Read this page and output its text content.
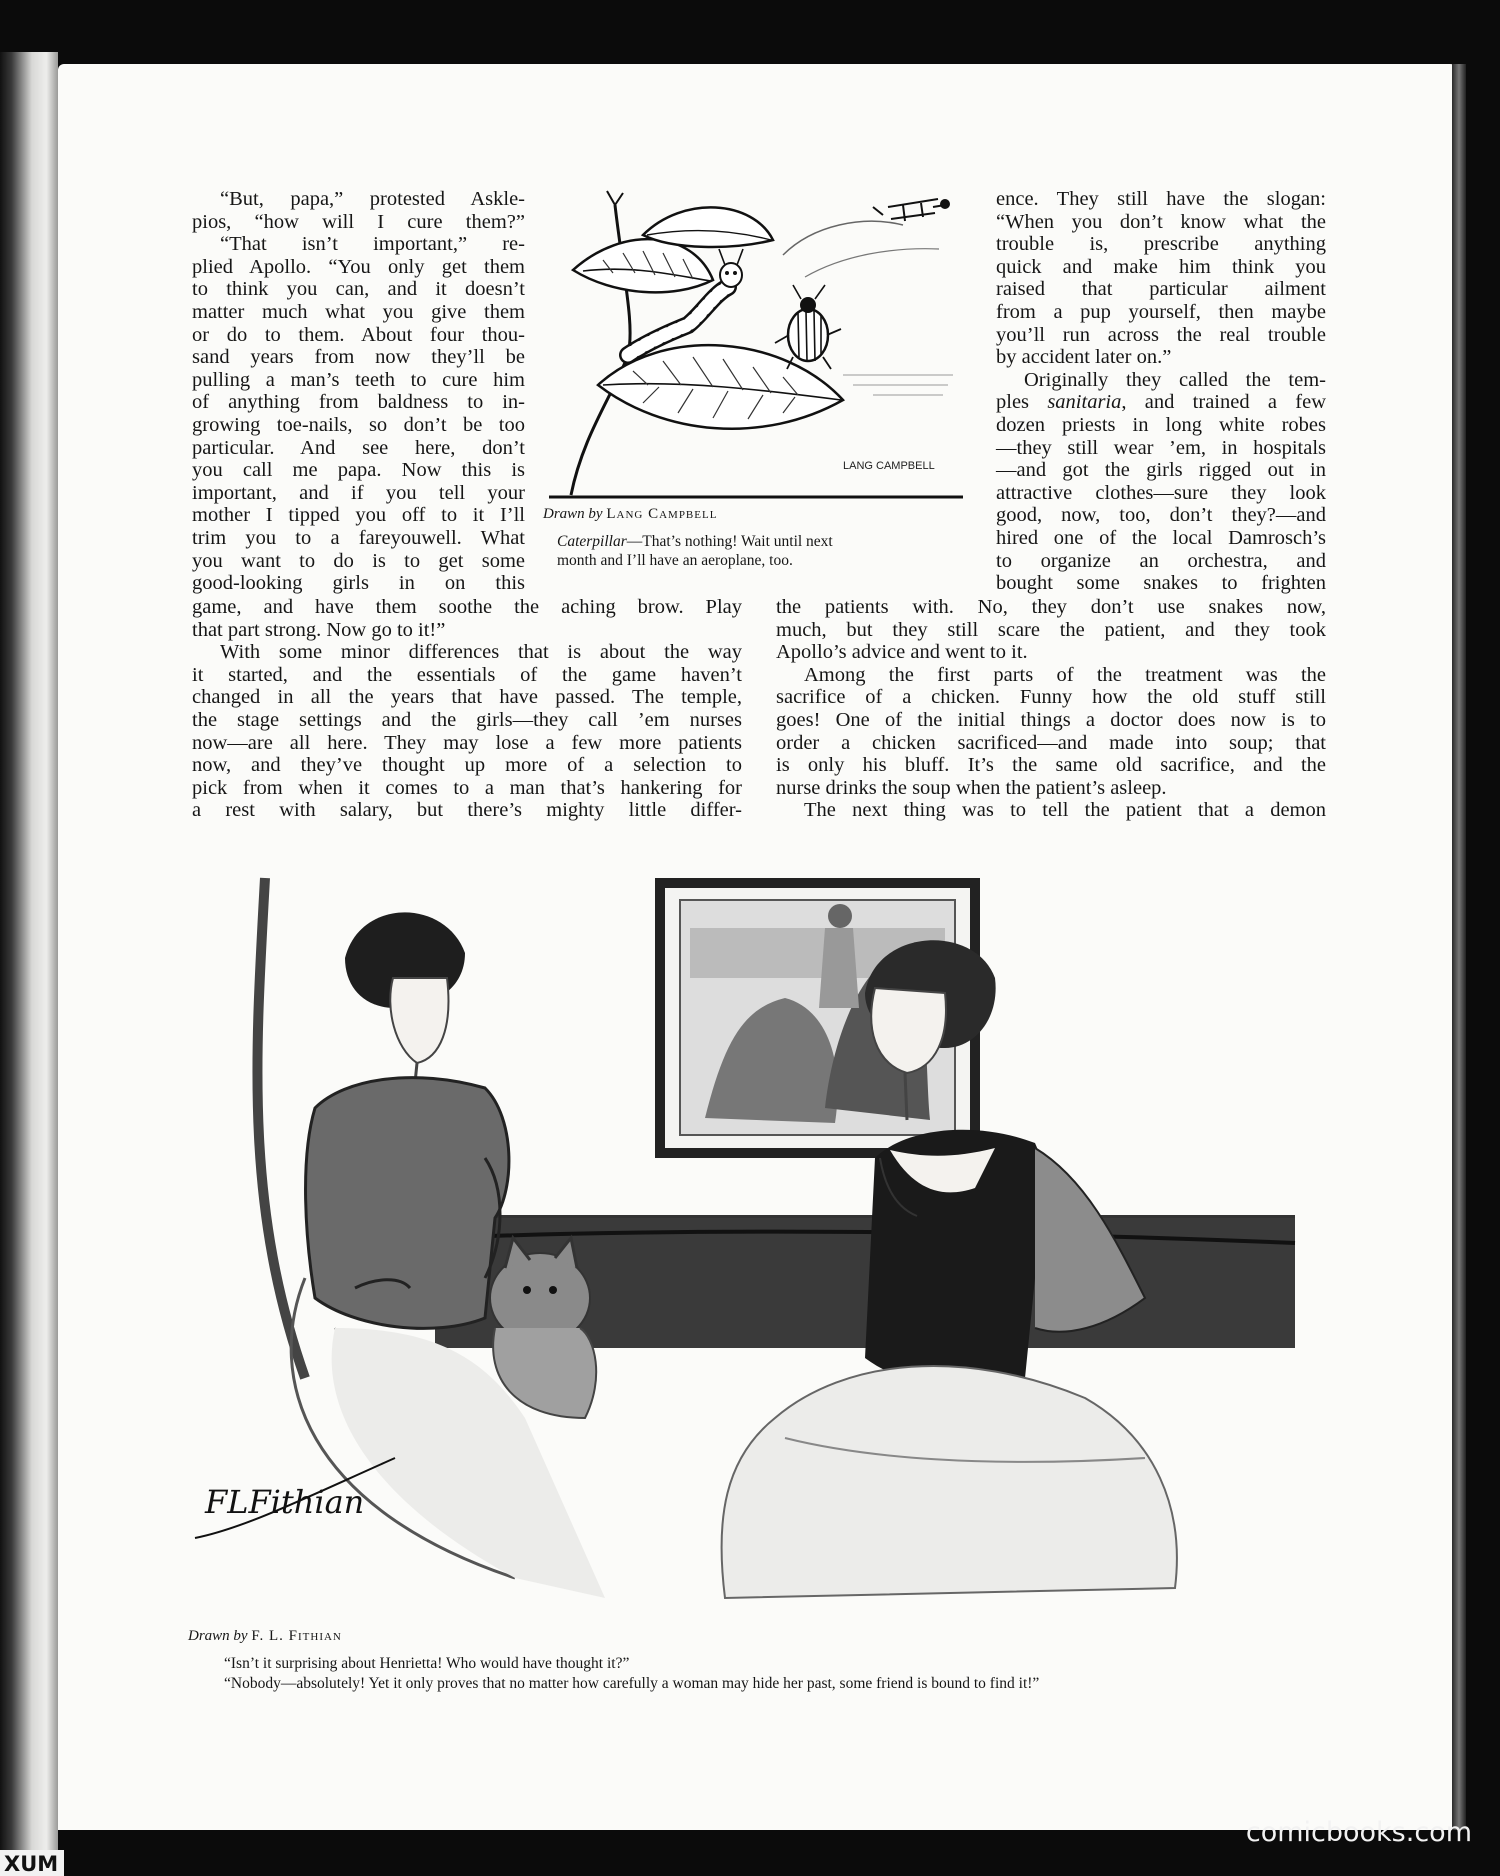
“But, papa,” protested Askle-
pios, “how will I cure them?”
“That isn’t important,” re-
plied Apollo. “You only get them
to think you can, and it doesn’t
matter much what you give them
or do to them. About four thou-
sand years from now they’ll be
pulling a man’s teeth to cure him
of anything from baldness to in-
growing toe-nails, so don’t be too
particular. And see here, don’t
you call me papa. Now this is
important, and if you tell your
mother I tipped you off to it I’ll
trim you to a fareyouwell. What
you want to do is to get some
good-looking girls in on this
ence. They still have the slogan:
“When you don’t know what the
trouble is, prescribe anything
quick and make him think you
raised that particular ailment
from a pup yourself, then maybe
you’ll run across the real trouble
by accident later on.”
Originally they called the tem-
ples sanitaria, and trained a few
dozen priests in long white robes
—they still wear ’em, in hospitals
—and got the girls rigged out in
attractive clothes—sure they look
good, now, too, don’t they?—and
hired one of the local Damrosch’s
to organize an orchestra, and
bought some snakes to frighten
game, and have them soothe the aching brow. Play
that part strong. Now go to it!”
With some minor differences that is about the way
it started, and the essentials of the game haven’t
changed in all the years that have passed. The temple,
the stage settings and the girls—they call ’em nurses
now—are all here. They may lose a few more patients
now, and they’ve thought up more of a selection to
pick from when it comes to a man that’s hankering for
a rest with salary, but there’s mighty little differ-
the patients with. No, they don’t use snakes now,
much, but they still scare the patient, and they took
Apollo’s advice and went to it.
Among the first parts of the treatment was the
sacrifice of a chicken. Funny how the old stuff still
goes! One of the initial things a doctor does now is to
order a chicken sacrificed—and made into soup; that
is only his bluff. It’s the same old sacrifice, and the
nurse drinks the soup when the patient’s asleep.
The next thing was to tell the patient that a demon
LANG CAMPBELL
Drawn by Lang Campbell
Caterpillar—That’s nothing! Wait until next
month and I’ll have an aeroplane, too.
FLFithian
Drawn by F. L. Fithian
“Isn’t it surprising about Henrietta! Who would have thought it?”
“Nobody—absolutely! Yet it only proves that no matter how carefully a woman may hide her past, some friend is bound to find it!”
comicbooks.com
XUM
